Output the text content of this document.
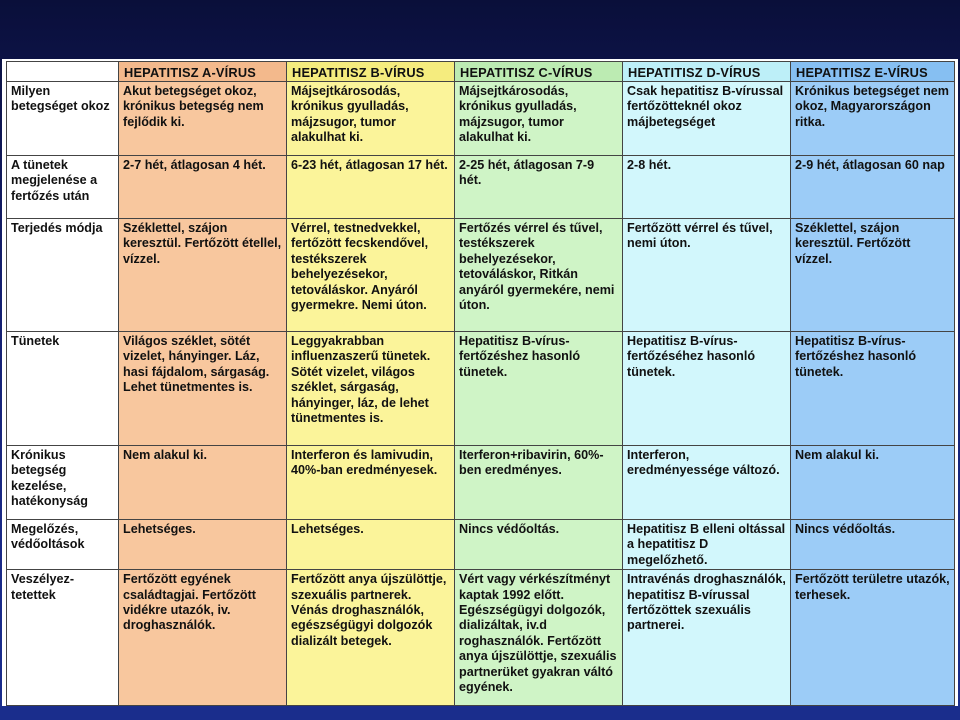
	HEPATITISZ A-VÍRUS	HEPATITISZ B-VÍRUS	HEPATITISZ C-VÍRUS	HEPATITISZ D-VÍRUS	HEPATITISZ E-VÍRUS
Milyen betegséget okoz	Akut betegséget okoz, krónikus betegség nem fejlődik ki.	Májsejtkárosodás, krónikus gyulladás, májzsugor, tumor alakulhat ki.	Májsejtkárosodás, krónikus gyulladás, májzsugor, tumor alakulhat ki.	Csak hepatitisz B-vírussal fertőzötteknél okoz májbetegséget	Krónikus betegséget nem okoz, Magyarországon ritka.
A tünetek megjelenése a fertőzés után	2-7 hét, átlagosan 4 hét.	6-23 hét, átlagosan 17 hét.	2-25 hét, átlagosan 7-9 hét.	2-8 hét.	2-9 hét, átlagosan 60 nap
Terjedés módja	Széklettel, szájon keresztül. Fertőzött étellel, vízzel.	Vérrel, testnedvekkel, fertőzött fecskendővel, testékszerek behelyezésekor, tetováláskor. Anyáról gyermekre. Nemi úton.	Fertőzés vérrel és tűvel, testékszerek behelyezésekor, tetováláskor, Ritkán anyáról gyermekére, nemi úton.	Fertőzött vérrel és tűvel, nemi úton.	Széklettel, szájon keresztül. Fertőzött vízzel.
Tünetek	Világos széklet, sötét vizelet, hányinger. Láz, hasi fájdalom, sárgaság. Lehet tünetmentes is.	Leggyakrabban influenzaszerű tünetek. Sötét vizelet, világos széklet, sárgaság, hányinger, láz, de lehet tünetmentes is.	Hepatitisz B-vírus-fertőzéshez hasonló tünetek.	Hepatitisz B-vírus-fertőzéséhez hasonló tünetek.	Hepatitisz B-vírus-fertőzéshez hasonló tünetek.
Krónikus betegség kezelése, hatékonyság	Nem alakul ki.	Interferon és lamivudin, 40%-ban eredményesek.	Iterferon+ribavirin, 60%-ben eredményes.	Interferon, eredményessége változó.	Nem alakul ki.
Megelőzés, védőoltások	Lehetséges.	Lehetséges.	Nincs védőoltás.	Hepatitisz B elleni oltással a hepatitisz D megelőzhető.	Nincs védőoltás.
Veszélyez-tetettek	Fertőzött egyének családtagjai. Fertőzött vidékre utazók, iv. droghasználók.	Fertőzött anya újszülöttje, szexuális partnerek. Vénás droghasználók, egészségügyi dolgozók dializált betegek.	Vért vagy vérkészítményt kaptak 1992 előtt. Egészségügyi dolgozók, dializáltak, iv.d roghasználók. Fertőzött anya újszülöttje, szexuális partnerüket gyakran váltó egyének.	Intravénás droghasználók, hepatitisz B-vírussal fertőzöttek szexuális partnerei.	Fertőzött területre utazók, terhesek.
